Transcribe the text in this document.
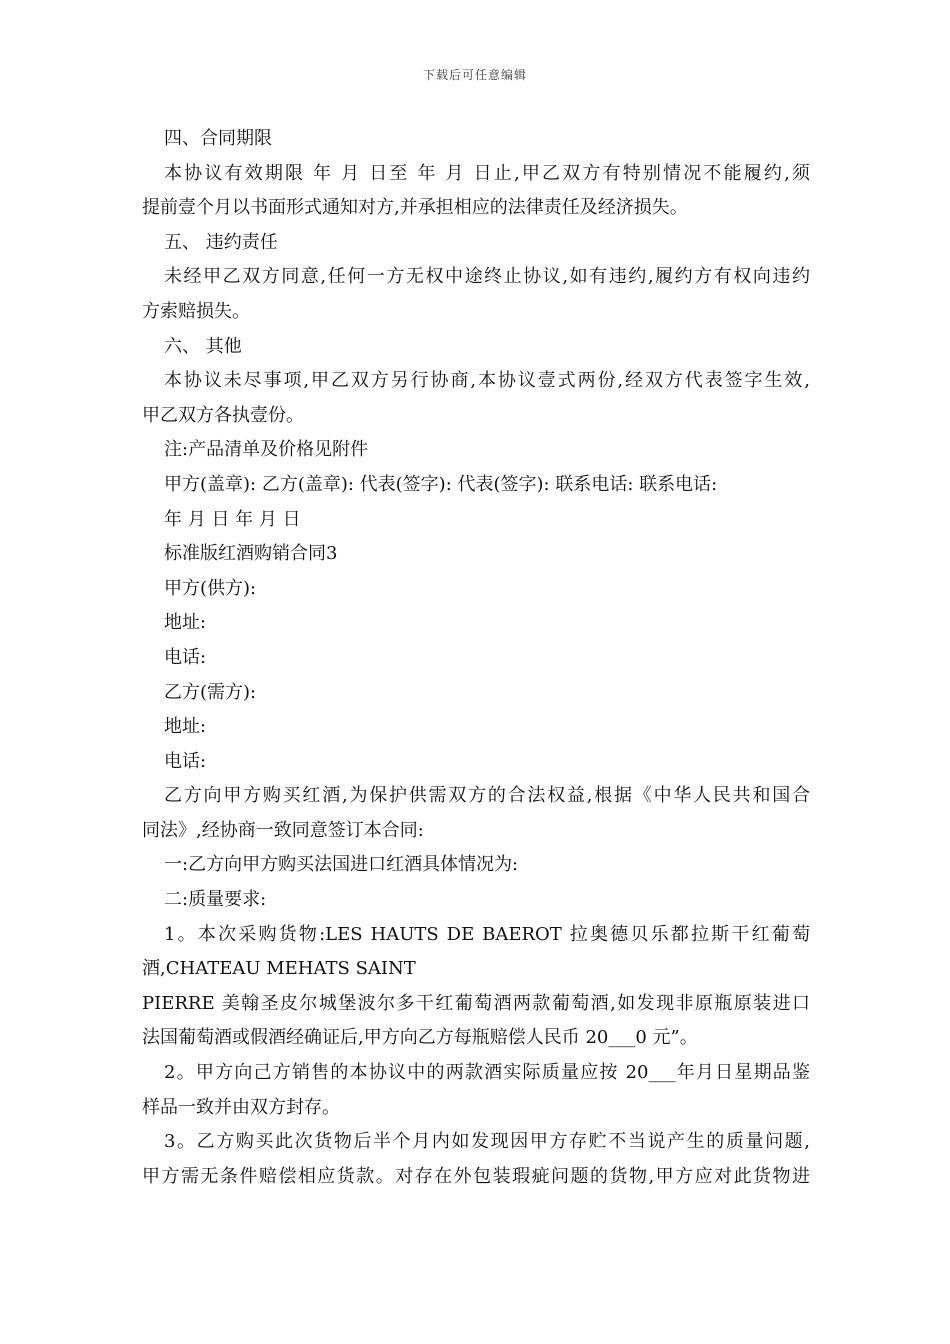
下载后可任意编辑
四、合同期限
本协议有效期限 年 月 日至 年 月 日止,甲乙双方有特别情况不能履约,须
提前壹个月以书面形式通知对方,并承担相应的法律责任及经济损失。
五、 违约责任
未经甲乙双方同意,任何一方无权中途终止协议,如有违约,履约方有权向违约
方索赔损失。
六、 其他
本协议未尽事项,甲乙双方另行协商,本协议壹式两份,经双方代表签字生效,
甲乙双方各执壹份。
注:产品清单及价格见附件
甲方(盖章): 乙方(盖章): 代表(签字): 代表(签字): 联系电话: 联系电话:
年 月 日 年 月 日
标准版红酒购销合同3
甲方(供方):
地址:
电话:
乙方(需方):
地址:
电话:
乙方向甲方购买红酒,为保护供需双方的合法权益,根据《中华人民共和国合
同法》,经协商一致同意签订本合同:
一:乙方向甲方购买法国进口红酒具体情况为:
二:质量要求:
1。本次采购货物:LES HAUTS DE BAEROT 拉奥德贝乐都拉斯干红葡萄
酒,CHATEAU MEHATS SAINT
PIERRE 美翰圣皮尔城堡波尔多干红葡萄酒两款葡萄酒,如发现非原瓶原装进口
法国葡萄酒或假酒经确证后,甲方向乙方每瓶赔偿人民币 20___0 元”。
2。甲方向己方销售的本协议中的两款酒实际质量应按 20___年月日星期品鉴
样品一致并由双方封存。
3。乙方购买此次货物后半个月内如发现因甲方存贮不当说产生的质量问题,
甲方需无条件赔偿相应货款。对存在外包装瑕疵问题的货物,甲方应对此货物进
